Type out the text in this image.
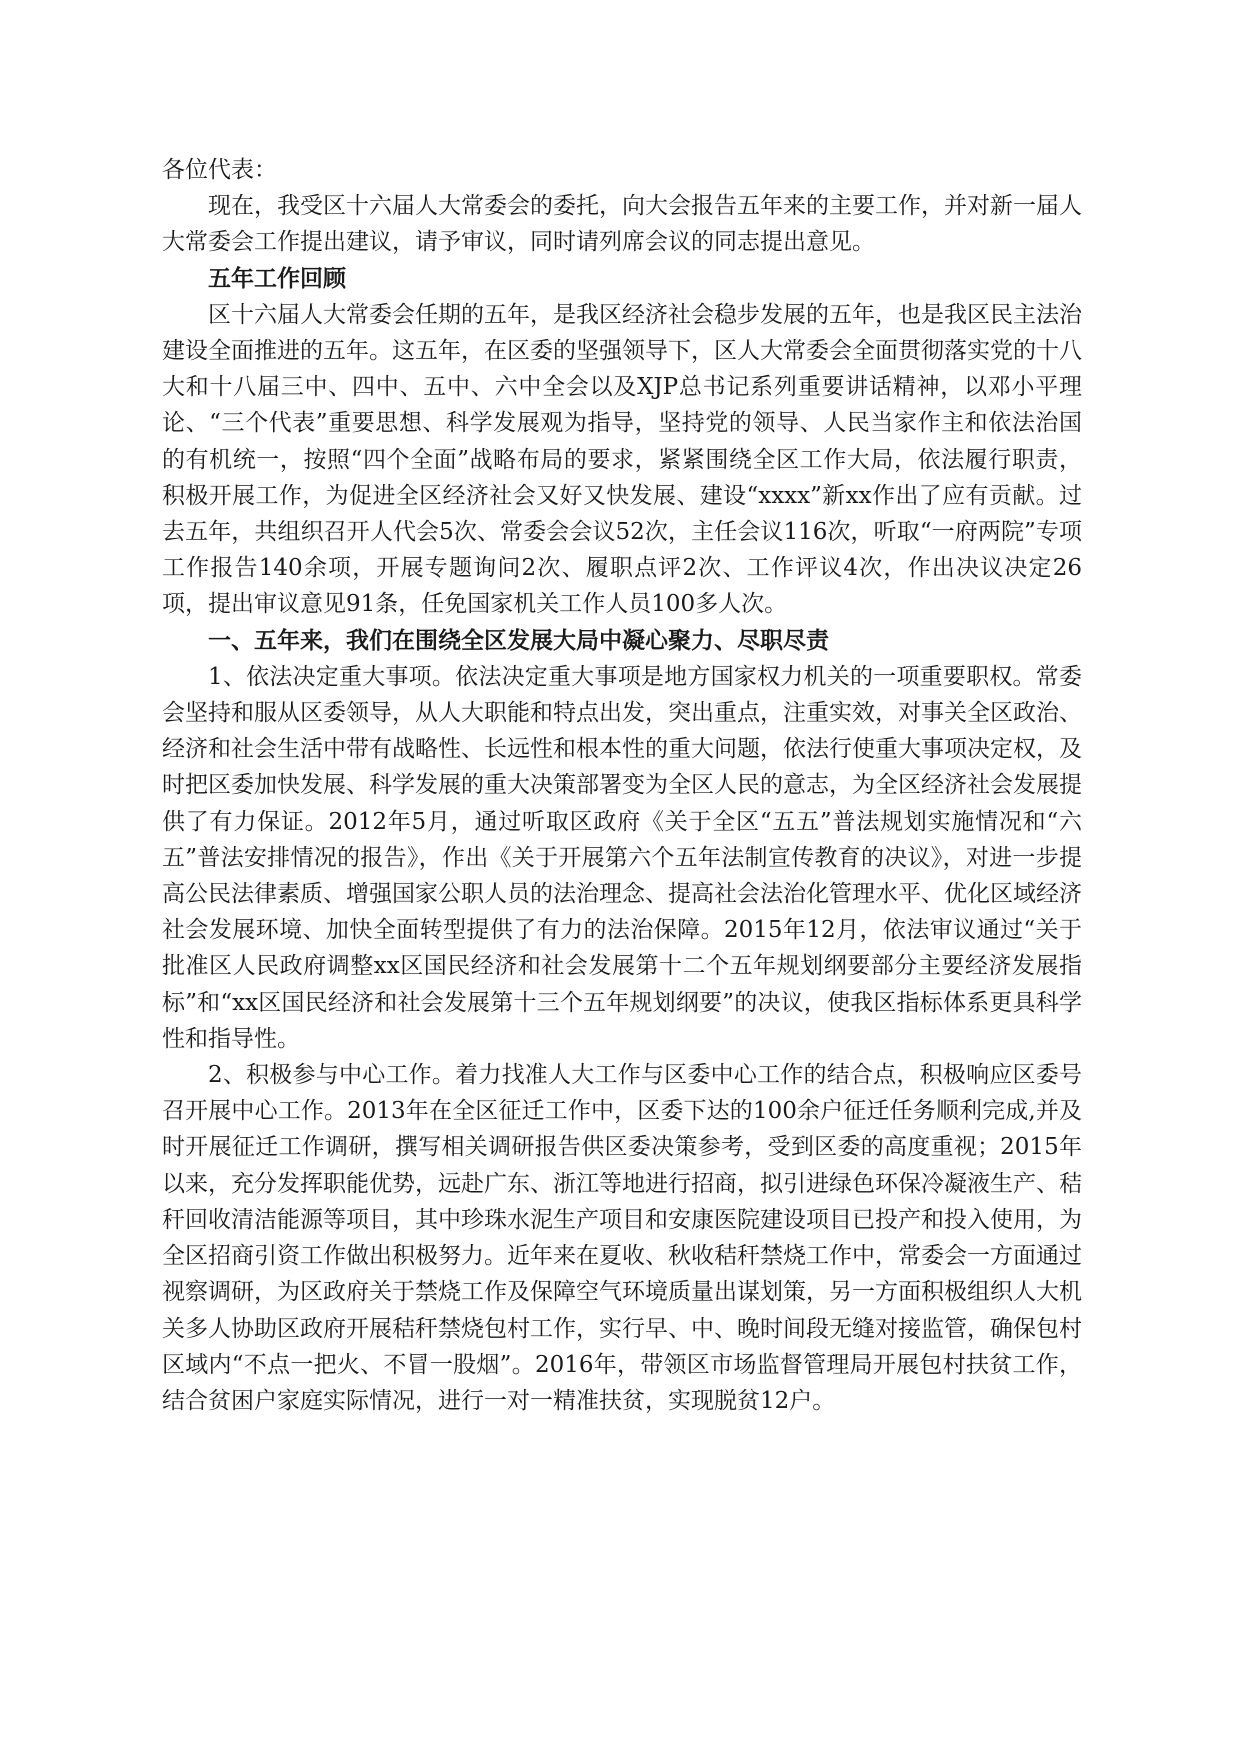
各位代表：

现在，我受区十六届人大常委会的委托，向大会报告五年来的主要工作，并对新一届人大常委会工作提出建议，请予审议，同时请列席会议的同志提出意见。

五年工作回顾

区十六届人大常委会任期的五年，是我区经济社会稳步发展的五年，也是我区民主法治建设全面推进的五年。这五年，在区委的坚强领导下，区人大常委会全面贯彻落实党的十八大和十八届三中、四中、五中、六中全会以及XJP总书记系列重要讲话精神，以邓小平理论、“三个代表”重要思想、科学发展观为指导，坚持党的领导、人民当家作主和依法治国的有机统一，按照“四个全面”战略布局的要求，紧紧围绕全区工作大局，依法履行职责，积极开展工作，为促进全区经济社会又好又快发展、建设“xxxx”新xx作出了应有贡献。过去五年，共组织召开人代会5次、常委会会议52次，主任会议116次，听取“一府两院”专项工作报告140余项，开展专题询问2次、履职点评2次、工作评议4次，作出决议决定26项，提出审议意见91条，任免国家机关工作人员100多人次。

一、五年来，我们在围绕全区发展大局中凝心聚力、尽职尽责

1、依法决定重大事项。依法决定重大事项是地方国家权力机关的一项重要职权。常委会坚持和服从区委领导，从人大职能和特点出发，突出重点，注重实效，对事关全区政治、经济和社会生活中带有战略性、长远性和根本性的重大问题，依法行使重大事项决定权，及时把区委加快发展、科学发展的重大决策部署变为全区人民的意志，为全区经济社会发展提供了有力保证。2012年5月，通过听取区政府《关于全区“五五”普法规划实施情况和“六五”普法安排情况的报告》，作出《关于开展第六个五年法制宣传教育的决议》，对进一步提高公民法律素质、增强国家公职人员的法治理念、提高社会法治化管理水平、优化区域经济社会发展环境、加快全面转型提供了有力的法治保障。2015年12月，依法审议通过“关于批准区人民政府调整xx区国民经济和社会发展第十二个五年规划纲要部分主要经济发展指标”和“xx区国民经济和社会发展第十三个五年规划纲要”的决议，使我区指标体系更具科学性和指导性。

2、积极参与中心工作。着力找准人大工作与区委中心工作的结合点，积极响应区委号召开展中心工作。2013年在全区征迁工作中，区委下达的100余户征迁任务顺利完成,并及时开展征迁工作调研，撰写相关调研报告供区委决策参考，受到区委的高度重视；2015年以来，充分发挥职能优势，远赴广东、浙江等地进行招商，拟引进绿色环保冷凝液生产、秸秆回收清洁能源等项目，其中珍珠水泥生产项目和安康医院建设项目已投产和投入使用，为全区招商引资工作做出积极努力。近年来在夏收、秋收秸秆禁烧工作中，常委会一方面通过视察调研，为区政府关于禁烧工作及保障空气环境质量出谋划策，另一方面积极组织人大机关多人协助区政府开展秸秆禁烧包村工作，实行早、中、晚时间段无缝对接监管，确保包村区域内“不点一把火、不冒一股烟”。2016年，带领区市场监督管理局开展包村扶贫工作，结合贫困户家庭实际情况，进行一对一精准扶贫，实现脱贫12户。
